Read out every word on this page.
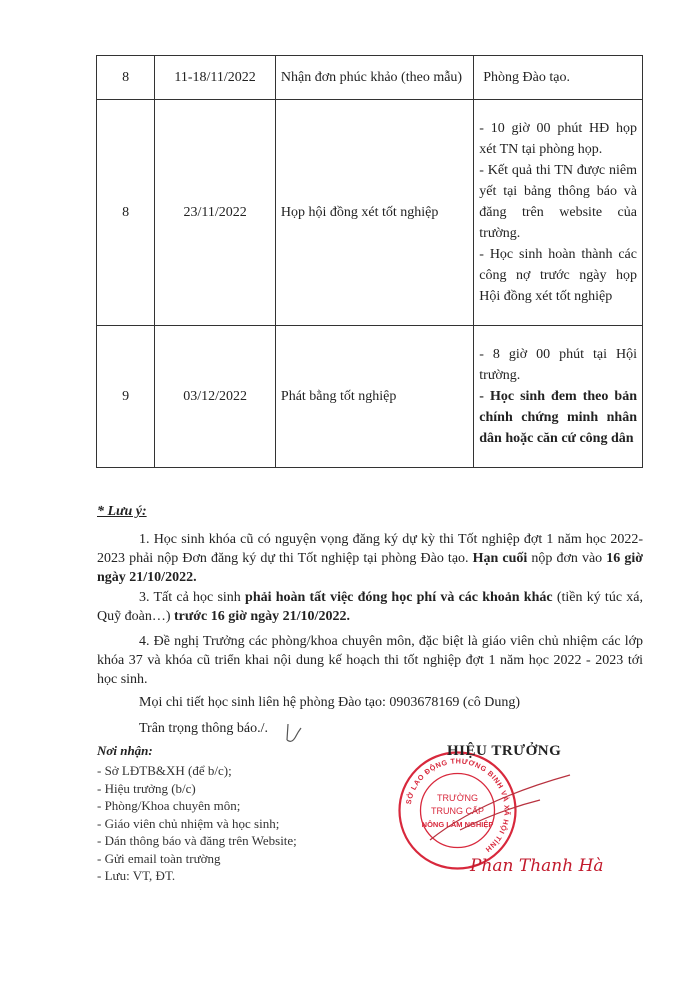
8	11-18/11/2022	Nhận đơn phúc khảo (theo mẫu)	Phòng Đào tạo.

8	23/11/2022	Họp hội đồng xét tốt nghiệp	- 10 giờ 00 phút HĐ họp xét TN tại phòng họp.
- Kết quả thi TN được niêm yết tại bảng thông báo và đăng trên website của trường.
- Học sinh hoàn thành các công nợ trước ngày họp Hội đồng xét tốt nghiệp

9	03/12/2022	Phát bằng tốt nghiệp	- 8 giờ 00 phút tại Hội trường.
- Học sinh đem theo bản chính chứng minh nhân dân hoặc căn cứ công dân
* Lưu ý:
1. Học sinh khóa cũ có nguyện vọng đăng ký dự kỳ thi Tốt nghiệp đợt 1 năm học 2022-2023 phải nộp Đơn đăng ký dự thi Tốt nghiệp tại phòng Đào tạo. Hạn cuối nộp đơn vào 16 giờ ngày 21/10/2022.
3. Tất cả học sinh phải hoàn tất việc đóng học phí và các khoản khác (tiền ký túc xá, Quỹ đoàn…) trước 16 giờ ngày 21/10/2022.
4. Đề nghị Trưởng các phòng/khoa chuyên môn, đặc biệt là giáo viên chủ nhiệm các lớp khóa 37 và khóa cũ triển khai nội dung kế hoạch thi tốt nghiệp đợt 1 năm học 2022 - 2023 tới học sinh.
Mọi chi tiết học sinh liên hệ phòng Đào tạo: 0903678169 (cô Dung)
Trân trọng thông báo./.
Nơi nhận:
- Sở LĐTB&XH (để b/c);
- Hiệu trưởng (b/c)
- Phòng/Khoa chuyên môn;
- Giáo viên chủ nhiệm và học sinh;
- Dán thông báo và đăng trên Website;
- Gửi email toàn trường
- Lưu: VT, ĐT.
SỞ LAO ĐỘNG THƯƠNG BINH VÀ XÃ HỘI TỈNH
TRƯỜNG
TRUNG CẤP
NÔNG LÂM NGHIỆP
HIỆU TRƯỞNG
Phan Thanh Hà
